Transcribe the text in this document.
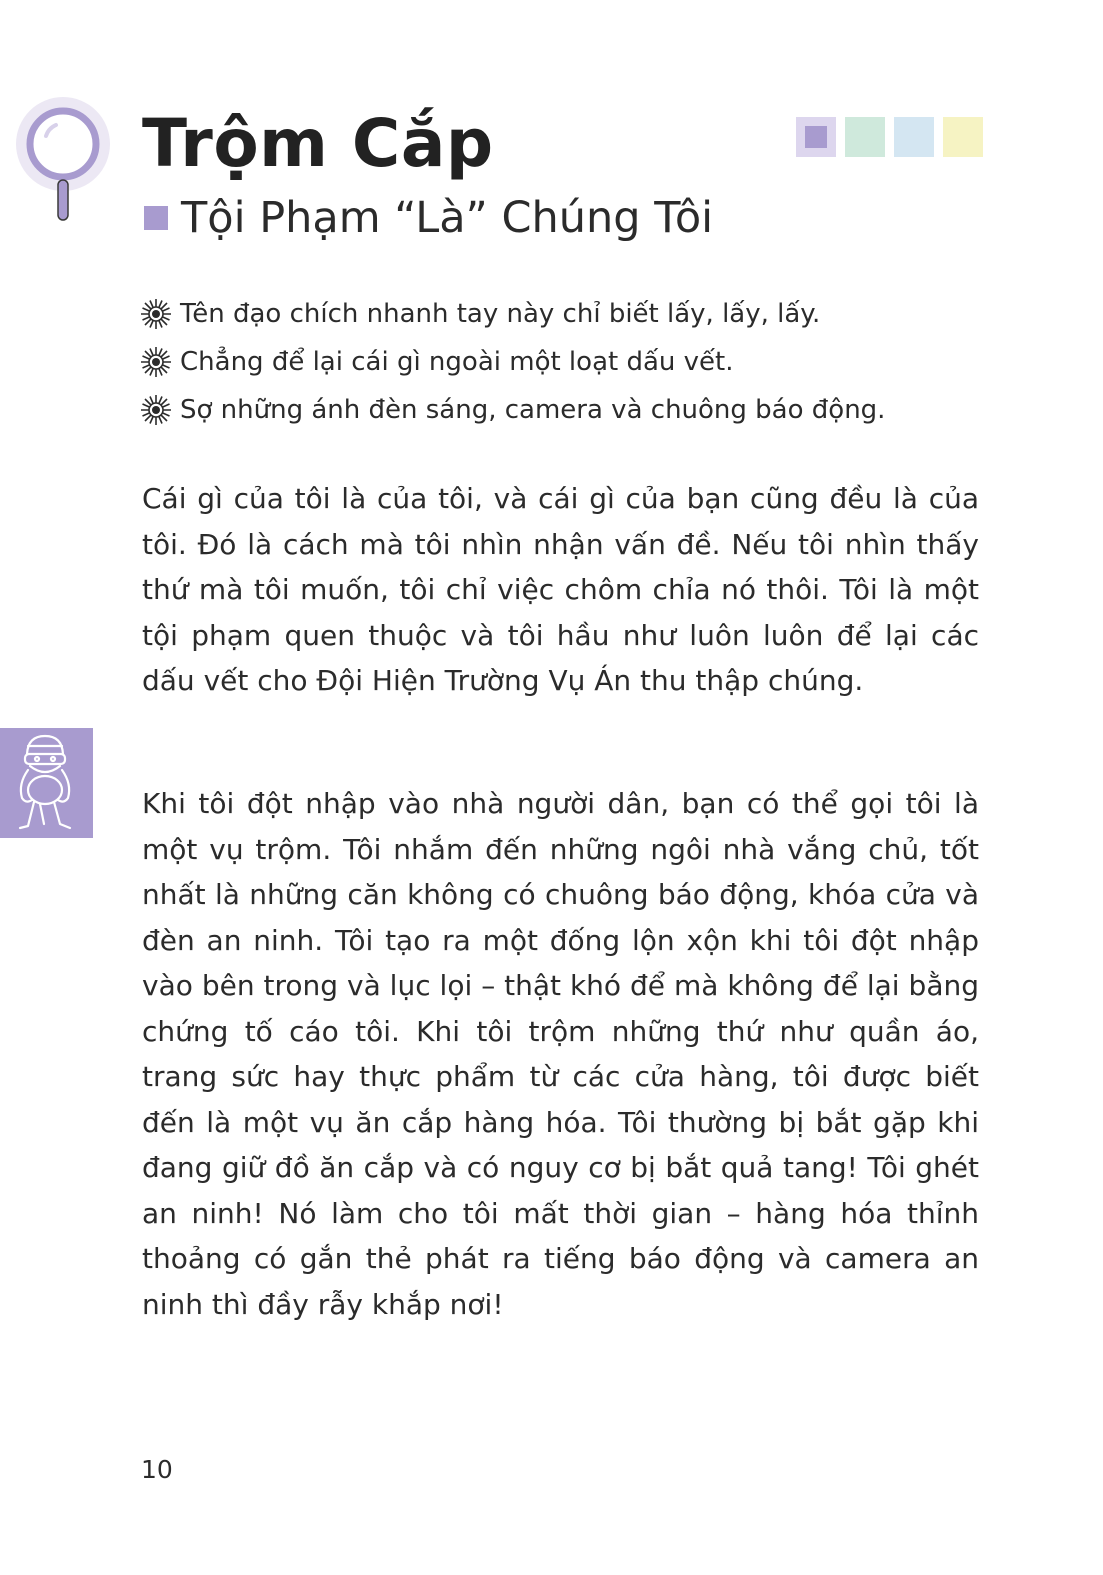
Trộm Cắp
Tội Phạm “Là” Chúng Tôi
Tên đạo chích nhanh tay này chỉ biết lấy, lấy, lấy.
Chẳng để lại cái gì ngoài một loạt dấu vết.
Sợ những ánh đèn sáng, camera và chuông báo động.

Cái gì của tôi là của tôi, và cái gì của bạn cũng đều là của tôi. Đó là cách mà tôi nhìn nhận vấn đề. Nếu tôi nhìn thấy thứ mà tôi muốn, tôi chỉ việc chôm chỉa nó thôi. Tôi là một tội phạm quen thuộc và tôi hầu như luôn luôn để lại các dấu vết cho Đội Hiện Trường Vụ Án thu thập chúng.

Khi tôi đột nhập vào nhà người dân, bạn có thể gọi tôi là một vụ trộm. Tôi nhắm đến những ngôi nhà vắng chủ, tốt nhất là những căn không có chuông báo động, khóa cửa và đèn an ninh. Tôi tạo ra một đống lộn xộn khi tôi đột nhập vào bên trong và lục lọi – thật khó để mà không để lại bằng chứng tố cáo tôi. Khi tôi trộm những thứ như quần áo, trang sức hay thực phẩm từ các cửa hàng, tôi được biết đến là một vụ ăn cắp hàng hóa. Tôi thường bị bắt gặp khi đang giữ đồ ăn cắp và có nguy cơ bị bắt quả tang! Tôi ghét an ninh! Nó làm cho tôi mất thời gian – hàng hóa thỉnh thoảng có gắn thẻ phát ra tiếng báo động và camera an ninh thì đầy rẫy khắp nơi!

10
